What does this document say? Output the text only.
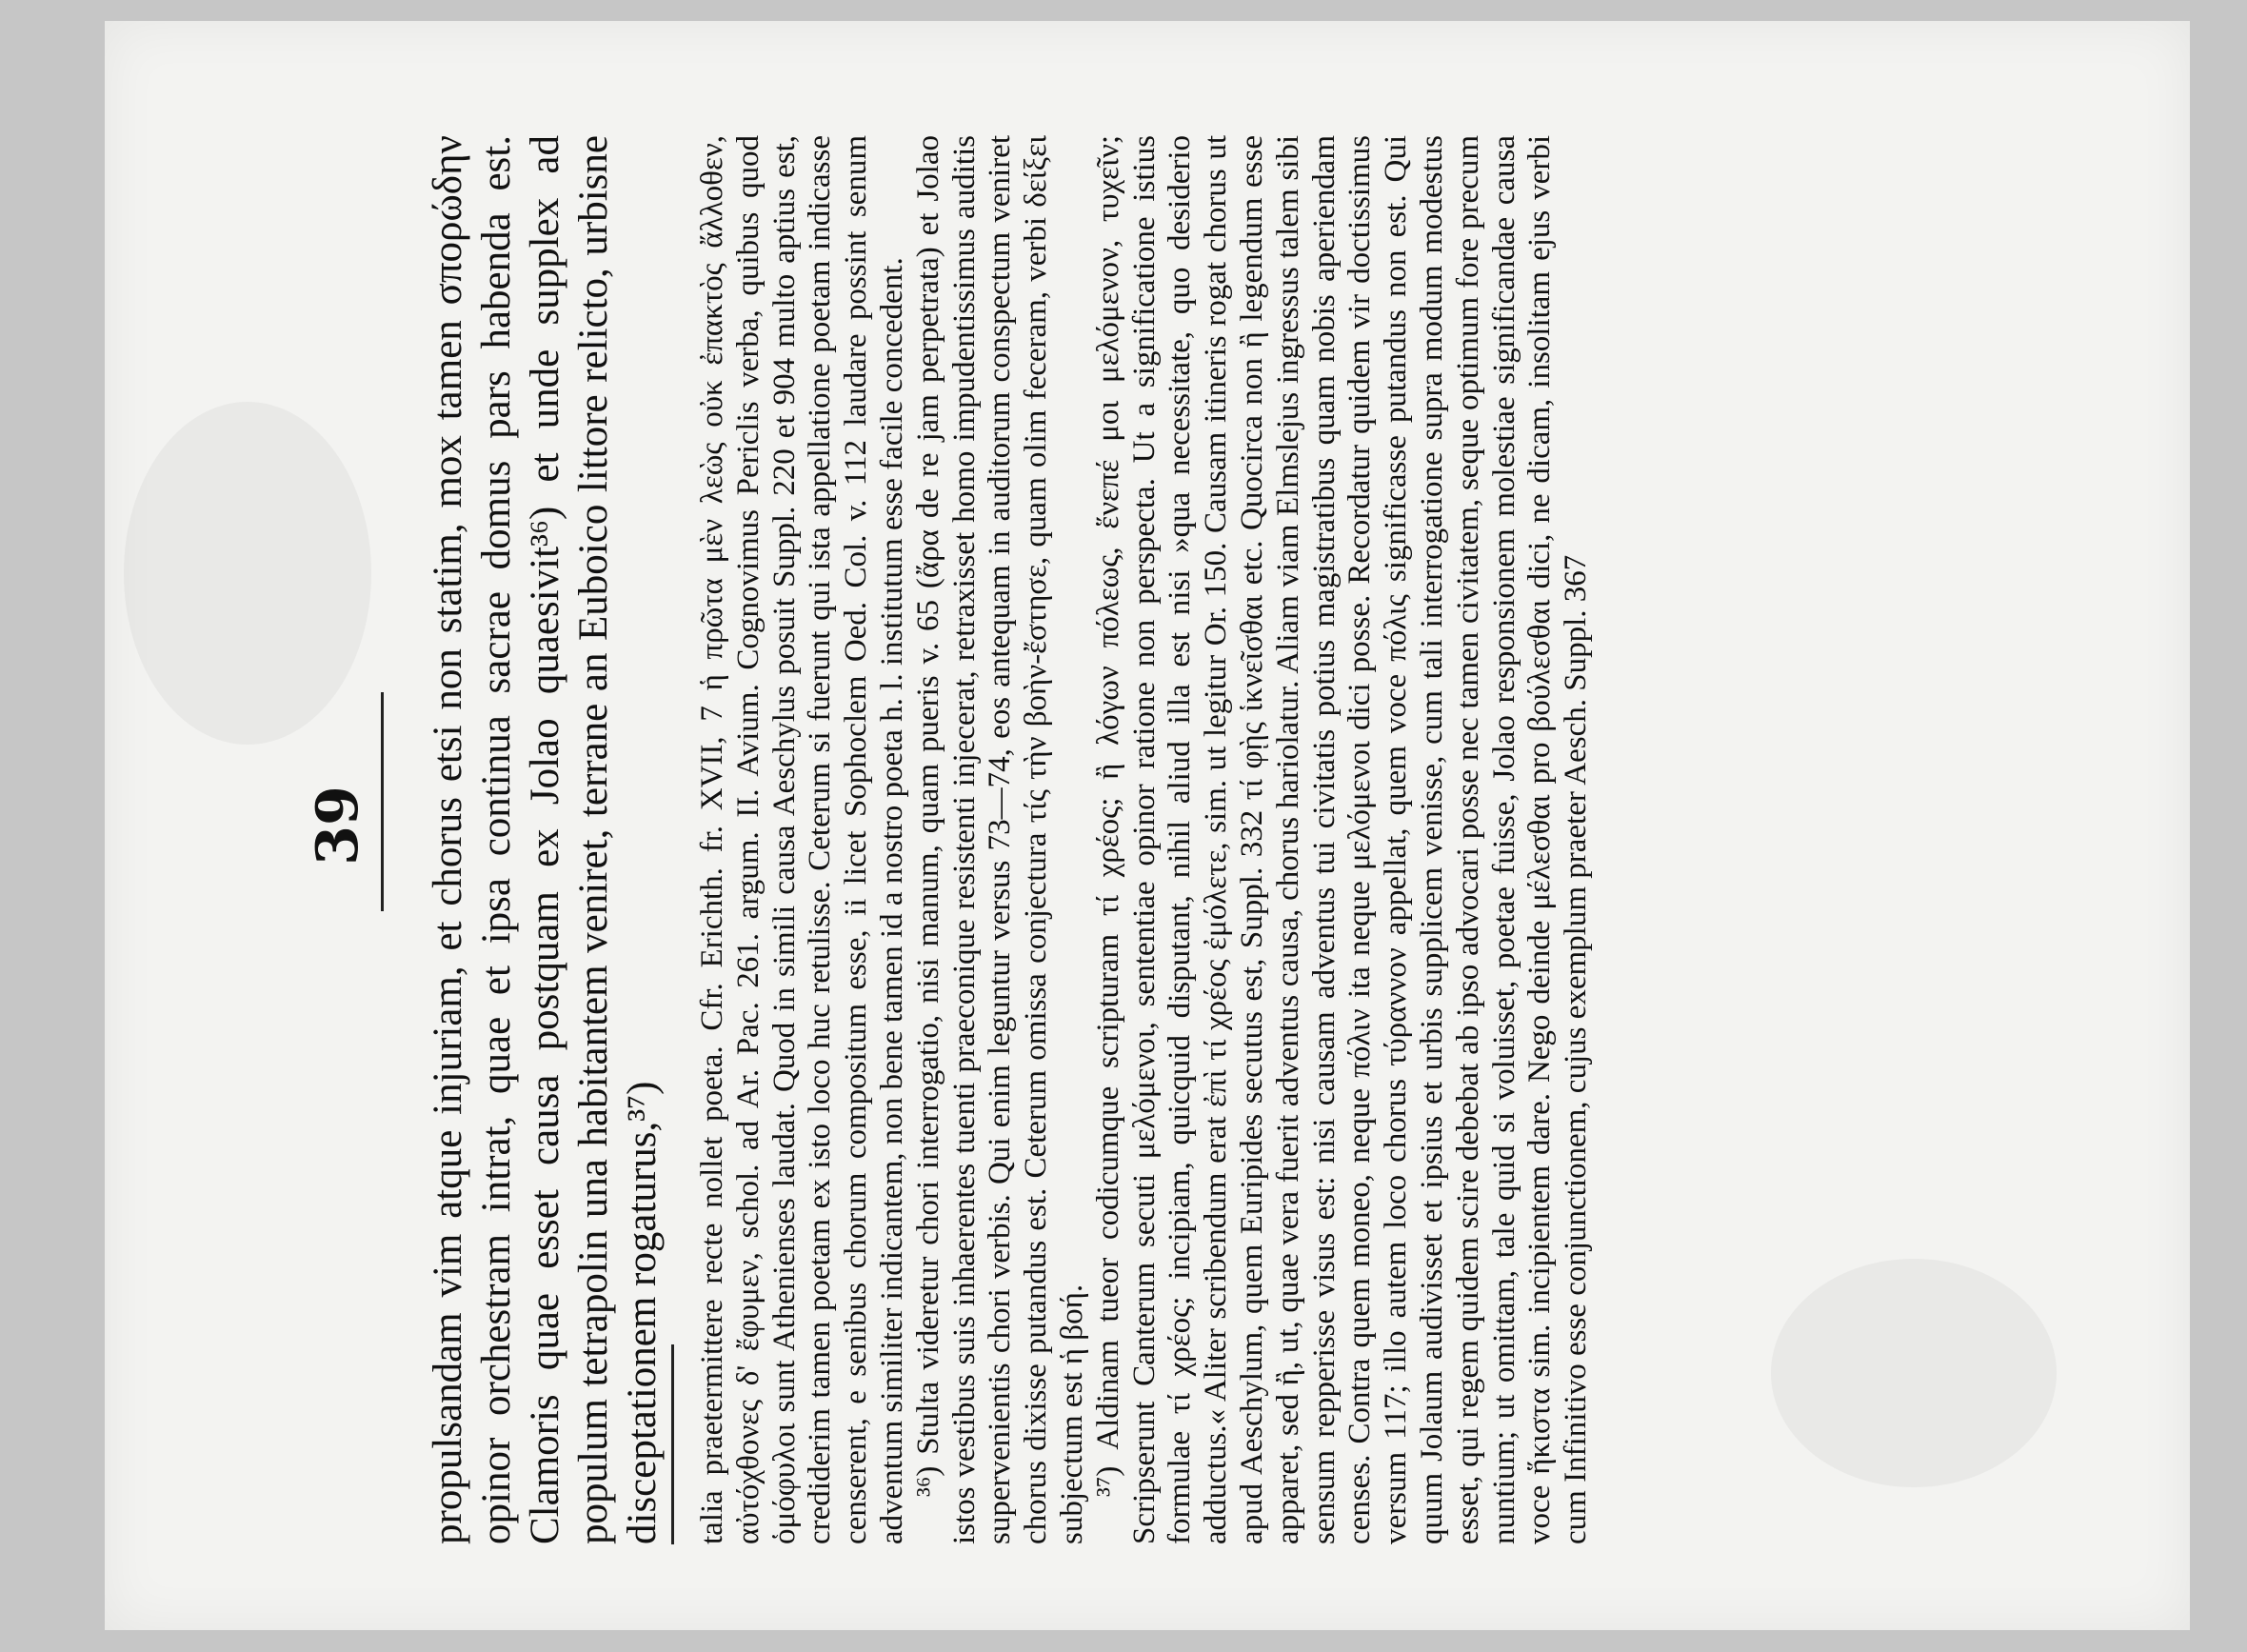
39 propulsandam vim atque injuriam, et chorus etsi non statim, mox tamen σπορώδην opinor orchestram intrat, quae et ipsa continua sacrae domus pars habenda est. Clamoris quae esset causa postquam ex Jolao quaesivit³⁶) et unde supplex ad populum tetrapolin una habitantem veniret, terrane an Euboico littore relicto, urbisne disceptationem rogaturus,³⁷) talia praetermittere recte nollet poeta. Cfr. Erichth. fr. XVII, 7 ἡ πρῶτα μὲν λεὼς οὐκ ἐπακτὸς ἄλλοθεν, αὐτόχθονες δ' ἔφυμεν, schol. ad Ar. Pac. 261. argum. II. Avium. Cognovimus Periclis verba, quibus quod ὁμόφυλοι sunt Athenienses laudat. Quod in simili causa Aeschylus posuit Suppl. 220 et 904 multo aptius est, crediderim tamen poetam ex isto loco huc retulisse. Ceterum si fuerunt qui ista appellatione poetam indicasse censerent, e senibus chorum compositum esse, ii licet Sophoclem Oed. Col. v. 112 laudare possint senum adventum similiter indicantem, non bene tamen id a nostro poeta h. l. institutum esse facile concedent. ³⁶) Stulta videretur chori interrogatio, nisi manum, quam pueris v. 65 (ἄρα de re jam perpetrata) et Jolao istos vestibus suis inhaerentes tuenti praeconique resistenti injecerat, retraxisset homo impudentissimus auditis supervenientis chori verbis. Qui enim leguntur versus 73—74, eos antequam in auditorum conspectum veniret chorus dixisse putandus est. Ceterum omissa conjectura τίς τὴν βοὴν-ἔστησε, quam olim feceram, verbi δείξει subjectum est ἡ βοή. ³⁷) Aldinam tueor codicumque scripturam τί χρέος; ἢ λόγων πόλεως, ἕνεπέ μοι μελόμενον, τυχεῖν; Scripserunt Canterum secuti μελόμενοι, sententiae opinor ratione non perspecta. Ut a significatione istius formulae τί χρέος; incipiam, quicquid disputant, nihil aliud illa est nisi »qua necessitate, quo desiderio adductus.« Aliter scribendum erat ἐπὶ τί χρέος ἐμόλετε, sim. ut legitur Or. 150. Causam itineris rogat chorus ut apud Aeschylum, quem Euripides secutus est, Suppl. 332 τί φῂς ἱκνεῖσθαι etc. Quocirca non ἢ legendum esse apparet, sed ἢ, ut, quae vera fuerit adventus causa, chorus hariolatur. Aliam viam Elmslejus ingressus talem sibi sensum repperisse visus est: nisi causam adventus tui civitatis potius magistratibus quam nobis aperiendam censes. Contra quem moneo, neque πόλιν ita neque μελόμενοι dici posse. Recordatur quidem vir doctissimus versum 117; illo autem loco chorus τύραννον appellat, quem voce πόλις significasse putandus non est. Qui quum Jolaum audivisset et ipsius et urbis supplicem venisse, cum tali interrogatione supra modum modestus esset, qui regem quidem scire debebat ab ipso advocari posse nec tamen civitatem, seque optimum fore precum nuntium; ut omittam, tale quid si voluisset, poetae fuisse, Jolao responsionem molestiae significandae causa voce ἥκιστα sim. incipientem dare. Nego deinde μέλεσθαι pro βούλεσθαι dici, ne dicam, insolitam ejus verbi cum Infinitivo esse conjunctionem, cujus exemplum praeter Aesch. Suppl. 367
